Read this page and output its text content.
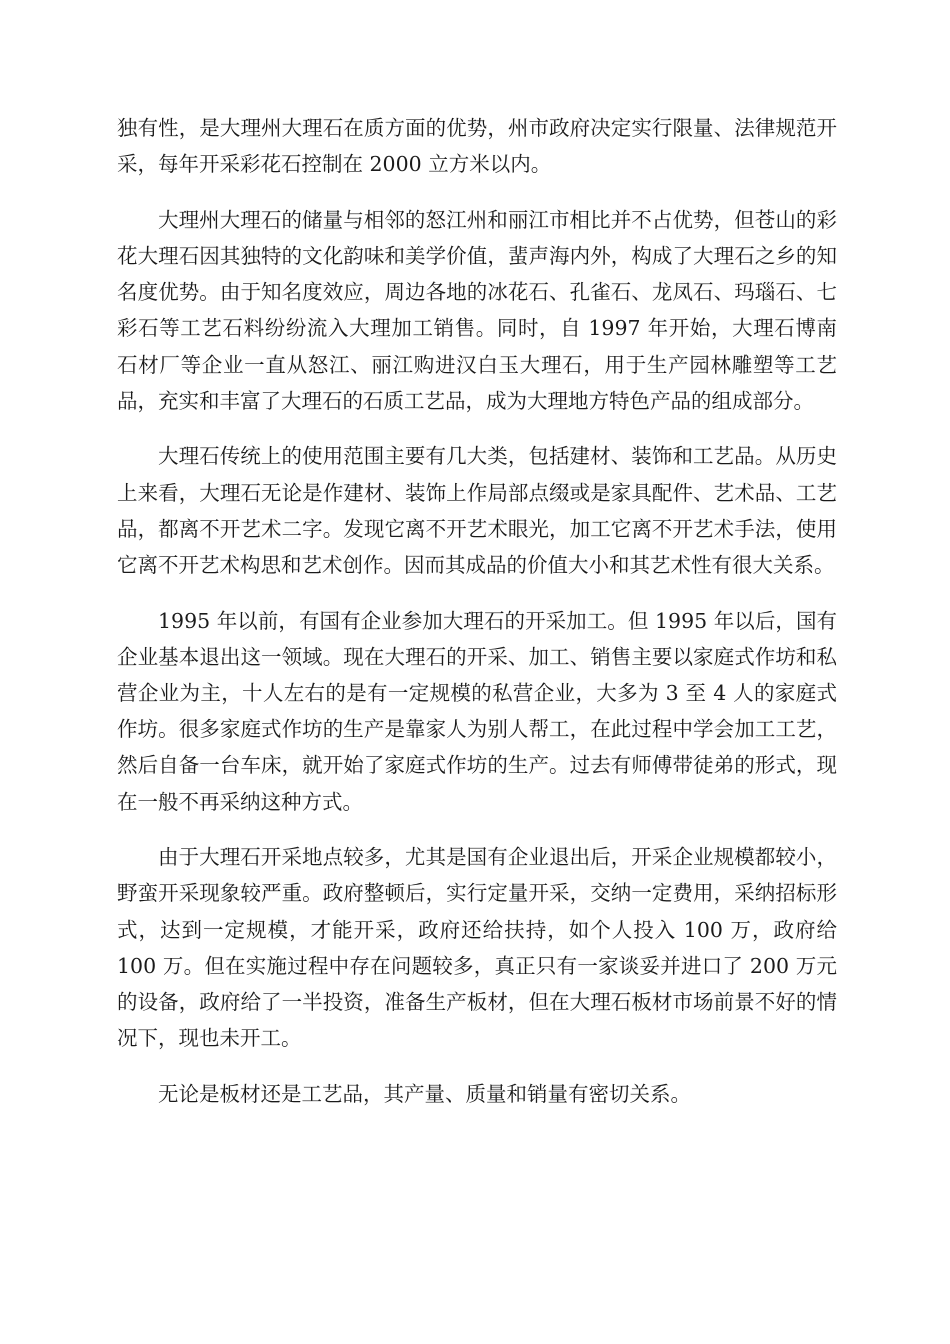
独有性，是大理州大理石在质方面的优势，州市政府决定实行限量、法律规范开采，每年开采彩花石控制在 2000 立方米以内。

大理州大理石的储量与相邻的怒江州和丽江市相比并不占优势，但苍山的彩花大理石因其独特的文化韵味和美学价值，蜚声海内外，构成了大理石之乡的知名度优势。由于知名度效应，周边各地的冰花石、孔雀石、龙凤石、玛瑙石、七彩石等工艺石料纷纷流入大理加工销售。同时，自 1997 年开始，大理石博南石材厂等企业一直从怒江、丽江购进汉白玉大理石，用于生产园林雕塑等工艺品，充实和丰富了大理石的石质工艺品，成为大理地方特色产品的组成部分。

大理石传统上的使用范围主要有几大类，包括建材、装饰和工艺品。从历史上来看，大理石无论是作建材、装饰上作局部点缀或是家具配件、艺术品、工艺品，都离不开艺术二字。发现它离不开艺术眼光，加工它离不开艺术手法，使用它离不开艺术构思和艺术创作。因而其成品的价值大小和其艺术性有很大关系。

1995 年以前，有国有企业参加大理石的开采加工。但 1995 年以后，国有企业基本退出这一领域。现在大理石的开采、加工、销售主要以家庭式作坊和私营企业为主，十人左右的是有一定规模的私营企业，大多为 3 至 4 人的家庭式作坊。很多家庭式作坊的生产是靠家人为别人帮工，在此过程中学会加工工艺，然后自备一台车床，就开始了家庭式作坊的生产。过去有师傅带徒弟的形式，现在一般不再采纳这种方式。

由于大理石开采地点较多，尤其是国有企业退出后，开采企业规模都较小，野蛮开采现象较严重。政府整顿后，实行定量开采，交纳一定费用，采纳招标形式，达到一定规模，才能开采，政府还给扶持，如个人投入 100 万，政府给 100 万。但在实施过程中存在问题较多，真正只有一家谈妥并进口了 200 万元的设备，政府给了一半投资，准备生产板材，但在大理石板材市场前景不好的情况下，现也未开工。

无论是板材还是工艺品，其产量、质量和销量有密切关系。
